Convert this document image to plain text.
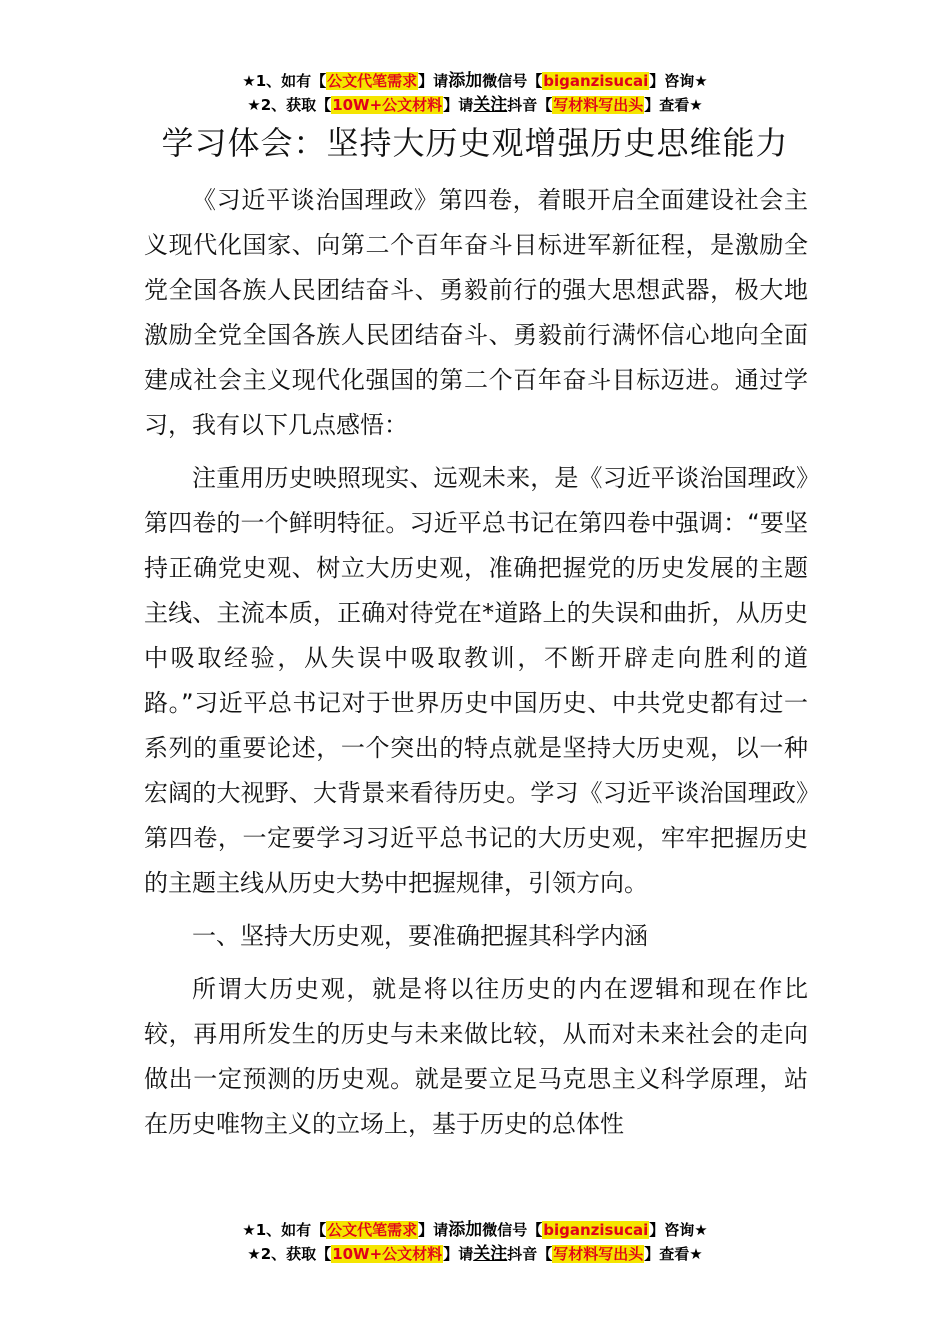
★1、如有【公文代笔需求】请添加微信号【biganzisucai】咨询★
★2、获取【10W+公文材料】请关注抖音【写材料写出头】查看★
学习体会：坚持大历史观增强历史思维能力

《习近平谈治国理政》第四卷，着眼开启全面建设社会主义现代化国家、向第二个百年奋斗目标进军新征程，是激励全党全国各族人民团结奋斗、勇毅前行的强大思想武器，极大地激励全党全国各族人民团结奋斗、勇毅前行满怀信心地向全面建成社会主义现代化强国的第二个百年奋斗目标迈进。通过学习，我有以下几点感悟：

注重用历史映照现实、远观未来，是《习近平谈治国理政》第四卷的一个鲜明特征。习近平总书记在第四卷中强调：“要坚持正确党史观、树立大历史观，准确把握党的历史发展的主题主线、主流本质，正确对待党在*道路上的失误和曲折，从历史中吸取经验，从失误中吸取教训，不断开辟走向胜利的道路。”习近平总书记对于世界历史中国历史、中共党史都有过一系列的重要论述，一个突出的特点就是坚持大历史观，以一种宏阔的大视野、大背景来看待历史。学习《习近平谈治国理政》第四卷，一定要学习习近平总书记的大历史观，牢牢把握历史的主题主线从历史大势中把握规律，引领方向。

一、坚持大历史观，要准确把握其科学内涵

所谓大历史观，就是将以往历史的内在逻辑和现在作比较，再用所发生的历史与未来做比较，从而对未来社会的走向做出一定预测的历史观。就是要立足马克思主义科学原理，站在历史唯物主义的立场上，基于历史的总体性

★1、如有【公文代笔需求】请添加微信号【biganzisucai】咨询★
★2、获取【10W+公文材料】请关注抖音【写材料写出头】查看★
